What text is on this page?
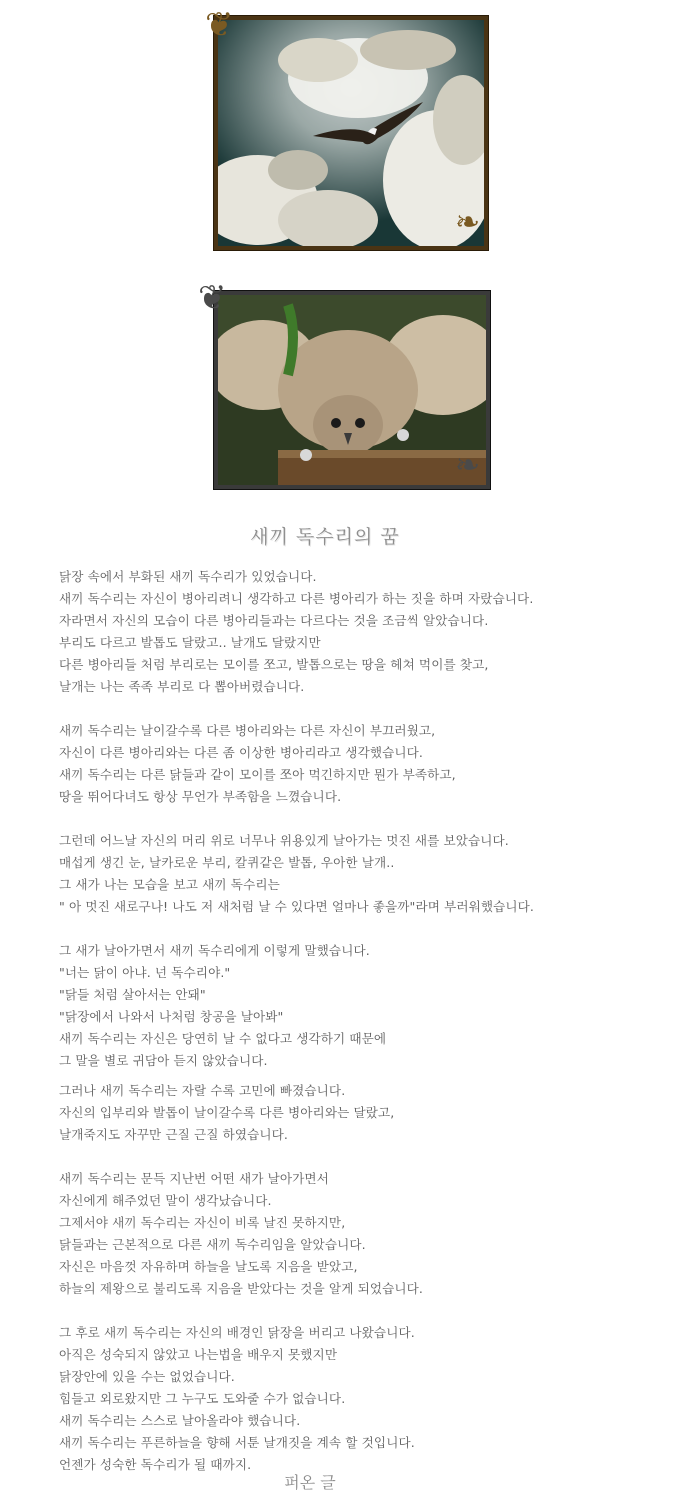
❦
❧
❦
❧
새끼 독수리의 꿈

닭장 속에서 부화된 새끼 독수리가 있었습니다.
새끼 독수리는 자신이 병아리려니 생각하고 다른 병아리가 하는 짓을 하며 자랐습니다.
자라면서 자신의 모습이 다른 병아리들과는 다르다는 것을 조금씩 알았습니다.
부리도 다르고 발톱도 달랐고.. 날개도 달랐지만
다른 병아리들 처럼 부리로는 모이를 쪼고, 발톱으로는 땅을 헤쳐 먹이를 찾고,
날개는 나는 족족 부리로 다 뽑아버렸습니다.

새끼 독수리는 날이갈수록 다른 병아리와는 다른 자신이 부끄러웠고,
자신이 다른 병아리와는 다른 좀 이상한 병아리라고 생각했습니다.
새끼 독수리는 다른 닭들과 같이 모이를 쪼아 먹긴하지만 뭔가 부족하고,
땅을 뛰어다녀도 항상 무언가 부족함을 느꼈습니다.

그런데 어느날 자신의 머리 위로 너무나 위용있게 날아가는 멋진 새를 보았습니다.
매섭게 생긴 눈, 날카로운 부리, 칼퀴같은 발톱, 우아한 날개..
그 새가 나는 모습을 보고 새끼 독수리는
" 아 멋진 새로구나! 나도 저 새처럼 날 수 있다면 얼마나 좋을까"라며 부러워했습니다.

그 새가 날아가면서 새끼 독수리에게 이렇게 말했습니다.
"너는 닭이 아냐. 넌 독수리야."
"닭들 처럼 살아서는 안돼"
"닭장에서 나와서 나처럼 창공을 날아봐"
새끼 독수리는 자신은 당연히 날 수 없다고 생각하기 때문에
그 말을 별로 귀담아 듣지 않았습니다.

그러나 새끼 독수리는 자랄 수록 고민에 빠졌습니다.
자신의 입부리와 발톱이 날이갈수록 다른 병아리와는 달랐고,
날개죽지도 자꾸만 근질 근질 하였습니다.

새끼 독수리는 문득 지난번 어떤 새가 날아가면서
자신에게 해주었던 말이 생각났습니다.
그제서야 새끼 독수리는 자신이 비록 날진 못하지만,
닭들과는 근본적으로 다른 새끼 독수리임을 알았습니다.
자신은 마음껏 자유하며 하늘을 날도록 지음을 받았고,
하늘의 제왕으로 불리도록 지음을 받았다는 것을 알게 되었습니다.

그 후로 새끼 독수리는 자신의 배경인 닭장을 버리고 나왔습니다.
아직은 성숙되지 않았고 나는법을 배우지 못했지만
닭장안에 있을 수는 없었습니다.
힘들고 외로왔지만 그 누구도 도와줄 수가 없습니다.
새끼 독수리는 스스로 날아올라야 했습니다.
새끼 독수리는 푸른하늘을 향해 서툰 날개짓을 계속 할 것입니다.
언젠가 성숙한 독수리가 될 때까지.

퍼온 글
